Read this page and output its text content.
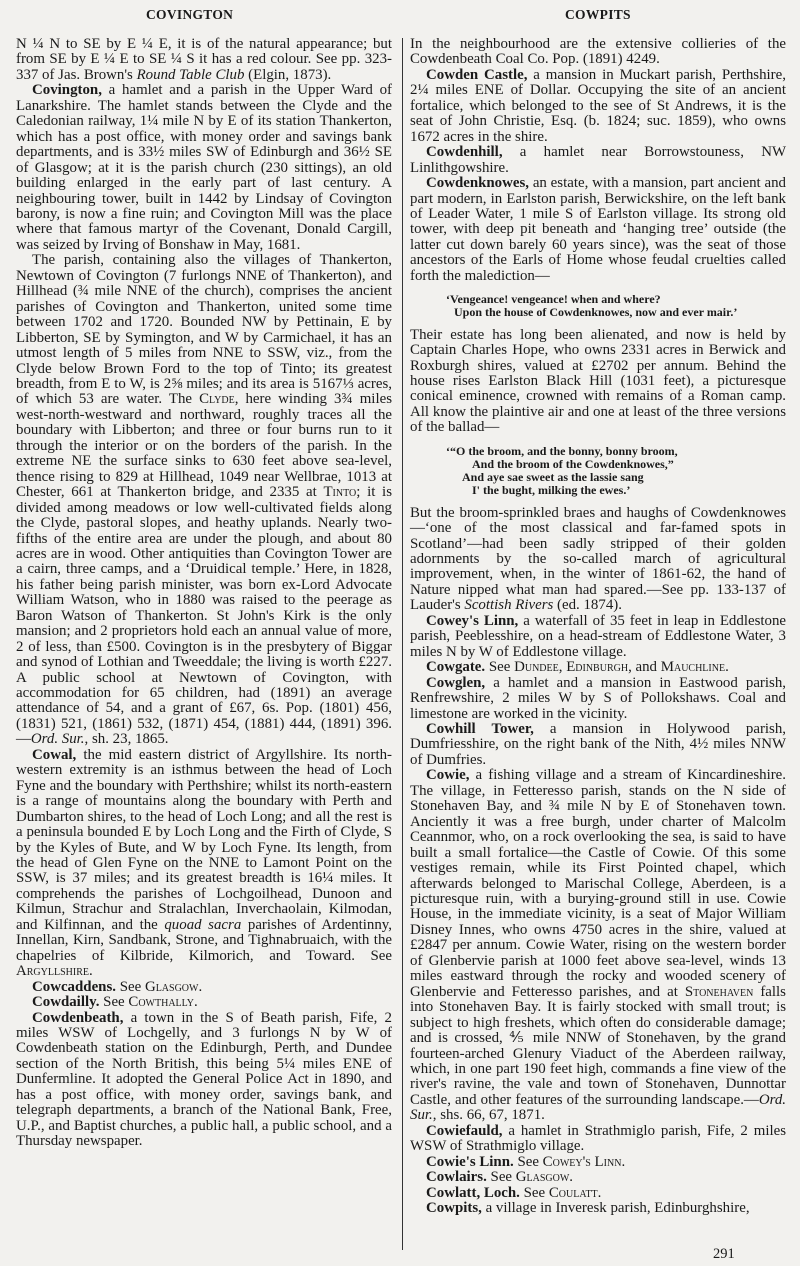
COVINGTON	COWPITS

N ¼ N to SE by E ¼ E, it is of the natural appearance; but from SE by E ¼ E to SE ¼ S it has a red colour. See pp. 323-337 of Jas. Brown's Round Table Club (Elgin, 1873).

Covington, a hamlet and a parish in the Upper Ward of Lanarkshire. The hamlet stands between the Clyde and the Caledonian railway, 1¼ mile N by E of its station Thankerton, which has a post office, with money order and savings bank departments, and is 33½ miles SW of Edinburgh and 36½ SE of Glasgow; at it is the parish church (230 sittings), an old building enlarged in the early part of last century. A neighbouring tower, built in 1442 by Lindsay of Covington barony, is now a fine ruin; and Covington Mill was the place where that famous martyr of the Covenant, Donald Cargill, was seized by Irving of Bonshaw in May, 1681.

The parish, containing also the villages of Thankerton, Newtown of Covington (7 furlongs NNE of Thankerton), and Hillhead (¾ mile NNE of the church), comprises the ancient parishes of Covington and Thankerton, united some time between 1702 and 1720. Bounded NW by Pettinain, E by Libberton, SE by Symington, and W by Carmichael, it has an utmost length of 5 miles from NNE to SSW, viz., from the Clyde below Brown Ford to the top of Tinto; its greatest breadth, from E to W, is 2⅝ miles; and its area is 5167⅓ acres, of which 53 are water. The Clyde, here winding 3¾ miles west-north-westward and northward, roughly traces all the boundary with Libberton; and three or four burns run to it through the interior or on the borders of the parish. In the extreme NE the surface sinks to 630 feet above sea-level, thence rising to 829 at Hillhead, 1049 near Wellbrae, 1013 at Chester, 661 at Thankerton bridge, and 2335 at Tinto; it is divided among meadows or low well-cultivated fields along the Clyde, pastoral slopes, and heathy uplands. Nearly two-fifths of the entire area are under the plough, and about 80 acres are in wood. Other antiquities than Covington Tower are a cairn, three camps, and a ‘Druidical temple.’ Here, in 1828, his father being parish minister, was born ex-Lord Advocate William Watson, who in 1880 was raised to the peerage as Baron Watson of Thankerton. St John's Kirk is the only mansion; and 2 proprietors hold each an annual value of more, 2 of less, than £500. Covington is in the presbytery of Biggar and synod of Lothian and Tweeddale; the living is worth £227. A public school at Newtown of Covington, with accommodation for 65 children, had (1891) an average attendance of 54, and a grant of £67, 6s. Pop. (1801) 456, (1831) 521, (1861) 532, (1871) 454, (1881) 444, (1891) 396.—Ord. Sur., sh. 23, 1865.

Cowal, the mid eastern district of Argyllshire. Its north-western extremity is an isthmus between the head of Loch Fyne and the boundary with Perthshire; whilst its north-eastern is a range of mountains along the boundary with Perth and Dumbarton shires, to the head of Loch Long; and all the rest is a peninsula bounded E by Loch Long and the Firth of Clyde, S by the Kyles of Bute, and W by Loch Fyne. Its length, from the head of Glen Fyne on the NNE to Lamont Point on the SSW, is 37 miles; and its greatest breadth is 16¼ miles. It comprehends the parishes of Lochgoilhead, Dunoon and Kilmun, Strachur and Stralachlan, Inverchaolain, Kilmodan, and Kilfinnan, and the quoad sacra parishes of Ardentinny, Innellan, Kirn, Sandbank, Strone, and Tighnabruaich, with the chapelries of Kilbride, Kilmorich, and Toward. See Argyllshire.

Cowcaddens. See Glasgow.

Cowdailly. See Cowthally.

Cowdenbeath, a town in the S of Beath parish, Fife, 2 miles WSW of Lochgelly, and 3 furlongs N by W of Cowdenbeath station on the Edinburgh, Perth, and Dundee section of the North British, this being 5¼ miles ENE of Dunfermline. It adopted the General Police Act in 1890, and has a post office, with money order, savings bank, and telegraph departments, a branch of the National Bank, Free, U.P., and Baptist churches, a public hall, a public school, and a Thursday newspaper.

In the neighbourhood are the extensive collieries of the Cowdenbeath Coal Co. Pop. (1891) 4249.

Cowden Castle, a mansion in Muckart parish, Perthshire, 2¼ miles ENE of Dollar. Occupying the site of an ancient fortalice, which belonged to the see of St Andrews, it is the seat of John Christie, Esq. (b. 1824; suc. 1859), who owns 1672 acres in the shire.

Cowdenhill, a hamlet near Borrowstouness, NW Linlithgowshire.

Cowdenknowes, an estate, with a mansion, part ancient and part modern, in Earlston parish, Berwickshire, on the left bank of Leader Water, 1 mile S of Earlston village. Its strong old tower, with deep pit beneath and ‘hanging tree’ outside (the latter cut down barely 60 years since), was the seat of those ancestors of the Earls of Home whose feudal cruelties called forth the malediction—

‘Vengeance! vengeance! when and where?
Upon the house of Cowdenknowes, now and ever mair.’

Their estate has long been alienated, and now is held by Captain Charles Hope, who owns 2331 acres in Berwick and Roxburgh shires, valued at £2702 per annum. Behind the house rises Earlston Black Hill (1031 feet), a picturesque conical eminence, crowned with remains of a Roman camp. All know the plaintive air and one at least of the three versions of the ballad—

‘“O the broom, and the bonny, bonny broom,
And the broom of the Cowdenknowes,”
And aye sae sweet as the lassie sang
I' the bught, milking the ewes.’

But the broom-sprinkled braes and haughs of Cowdenknowes—‘one of the most classical and far-famed spots in Scotland’—had been sadly stripped of their golden adornments by the so-called march of agricultural improvement, when, in the winter of 1861-62, the hand of Nature nipped what man had spared.—See pp. 133-137 of Lauder's Scottish Rivers (ed. 1874).

Cowey's Linn, a waterfall of 35 feet in leap in Eddlestone parish, Peeblesshire, on a head-stream of Eddlestone Water, 3 miles N by W of Eddlestone village.

Cowgate. See Dundee, Edinburgh, and Mauchline.

Cowglen, a hamlet and a mansion in Eastwood parish, Renfrewshire, 2 miles W by S of Pollokshaws. Coal and limestone are worked in the vicinity.

Cowhill Tower, a mansion in Holywood parish, Dumfriesshire, on the right bank of the Nith, 4½ miles NNW of Dumfries.

Cowie, a fishing village and a stream of Kincardineshire. The village, in Fetteresso parish, stands on the N side of Stonehaven Bay, and ¾ mile N by E of Stonehaven town. Anciently it was a free burgh, under charter of Malcolm Ceannmor, who, on a rock overlooking the sea, is said to have built a small fortalice—the Castle of Cowie. Of this some vestiges remain, while its First Pointed chapel, which afterwards belonged to Marischal College, Aberdeen, is a picturesque ruin, with a burying-ground still in use. Cowie House, in the immediate vicinity, is a seat of Major William Disney Innes, who owns 4750 acres in the shire, valued at £2847 per annum. Cowie Water, rising on the western border of Glenbervie parish at 1000 feet above sea-level, winds 13 miles eastward through the rocky and wooded scenery of Glenbervie and Fetteresso parishes, and at Stonehaven falls into Stonehaven Bay. It is fairly stocked with small trout; is subject to high freshets, which often do considerable damage; and is crossed, ⅘ mile NNW of Stonehaven, by the grand fourteen-arched Glenury Viaduct of the Aberdeen railway, which, in one part 190 feet high, commands a fine view of the river's ravine, the vale and town of Stonehaven, Dunnottar Castle, and other features of the surrounding landscape.—Ord. Sur., shs. 66, 67, 1871.

Cowiefauld, a hamlet in Strathmiglo parish, Fife, 2 miles WSW of Strathmiglo village.

Cowie's Linn. See Cowey's Linn.

Cowlairs. See Glasgow.

Cowlatt, Loch. See Coulatt.

Cowpits, a village in Inveresk parish, Edinburghshire,

291
